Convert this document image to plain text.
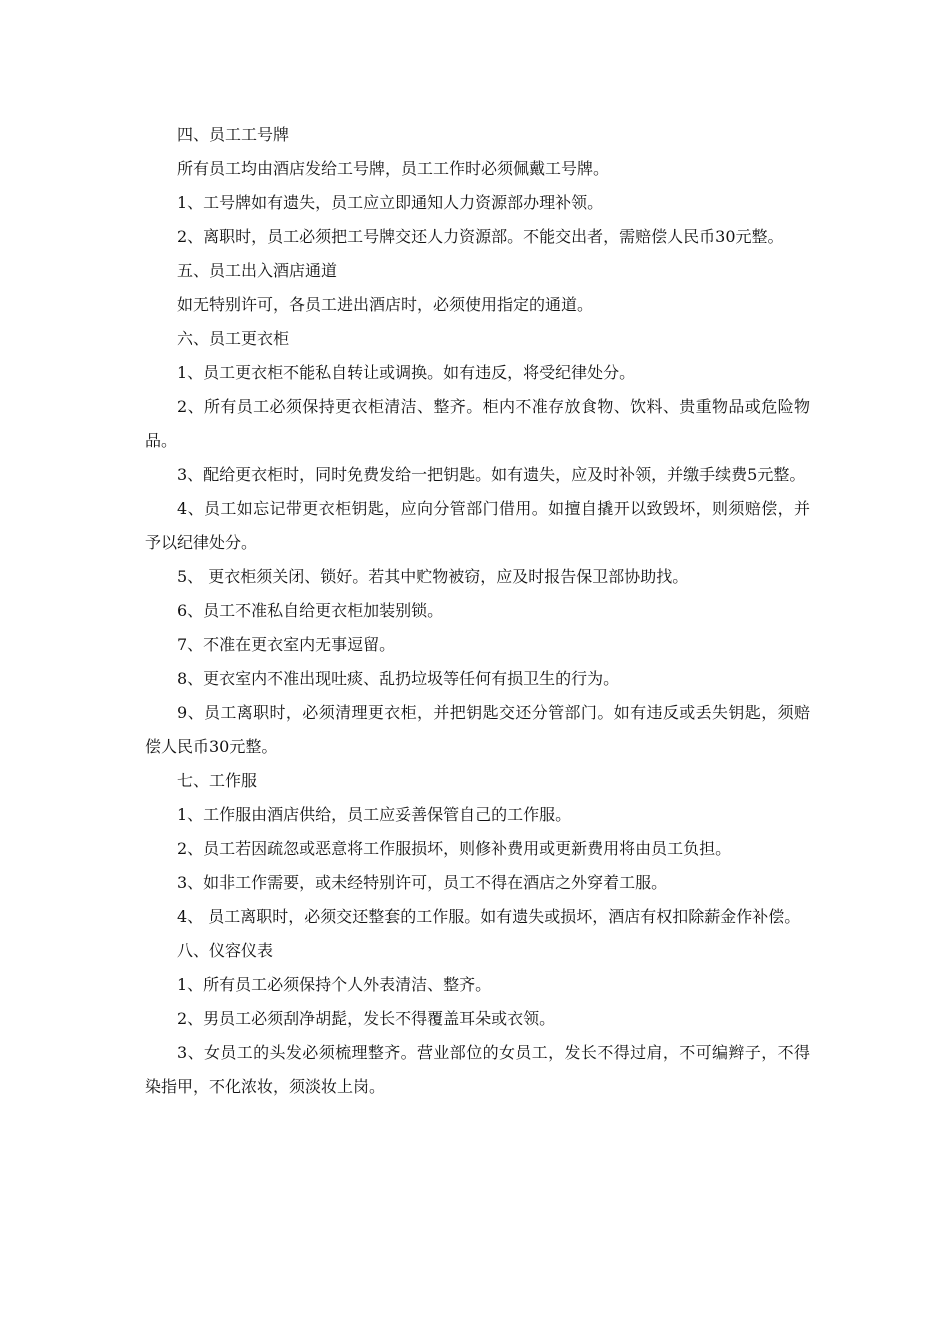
四、员工工号牌

所有员工均由酒店发给工号牌，员工工作时必须佩戴工号牌。

1、工号牌如有遗失，员工应立即通知人力资源部办理补领。

2、离职时，员工必须把工号牌交还人力资源部。不能交出者，需赔偿人民币30元整。

五、员工出入酒店通道

如无特别许可，各员工进出酒店时，必须使用指定的通道。

六、员工更衣柜

1、员工更衣柜不能私自转让或调换。如有违反，将受纪律处分。

2、所有员工必须保持更衣柜清洁、整齐。柜内不准存放食物、饮料、贵重物品或危险物品。

3、配给更衣柜时，同时免费发给一把钥匙。如有遗失，应及时补领，并缴手续费5元整。

4、员工如忘记带更衣柜钥匙，应向分管部门借用。如擅自撬开以致毁坏，则须赔偿，并予以纪律处分。

5、 更衣柜须关闭、锁好。若其中贮物被窃，应及时报告保卫部协助找。

6、员工不准私自给更衣柜加装别锁。

7、不准在更衣室内无事逗留。

8、更衣室内不准出现吐痰、乱扔垃圾等任何有损卫生的行为。

9、员工离职时，必须清理更衣柜，并把钥匙交还分管部门。如有违反或丢失钥匙，须赔偿人民币30元整。

七、工作服

1、工作服由酒店供给，员工应妥善保管自己的工作服。

2、员工若因疏忽或恶意将工作服损坏，则修补费用或更新费用将由员工负担。

3、如非工作需要，或未经特别许可，员工不得在酒店之外穿着工服。

4、 员工离职时，必须交还整套的工作服。如有遗失或损坏，酒店有权扣除薪金作补偿。

八、仪容仪表

1、所有员工必须保持个人外表清洁、整齐。

2、男员工必须刮净胡髭，发长不得覆盖耳朵或衣领。

3、女员工的头发必须梳理整齐。营业部位的女员工，发长不得过肩，不可编辫子，不得染指甲，不化浓妆，须淡妆上岗。
